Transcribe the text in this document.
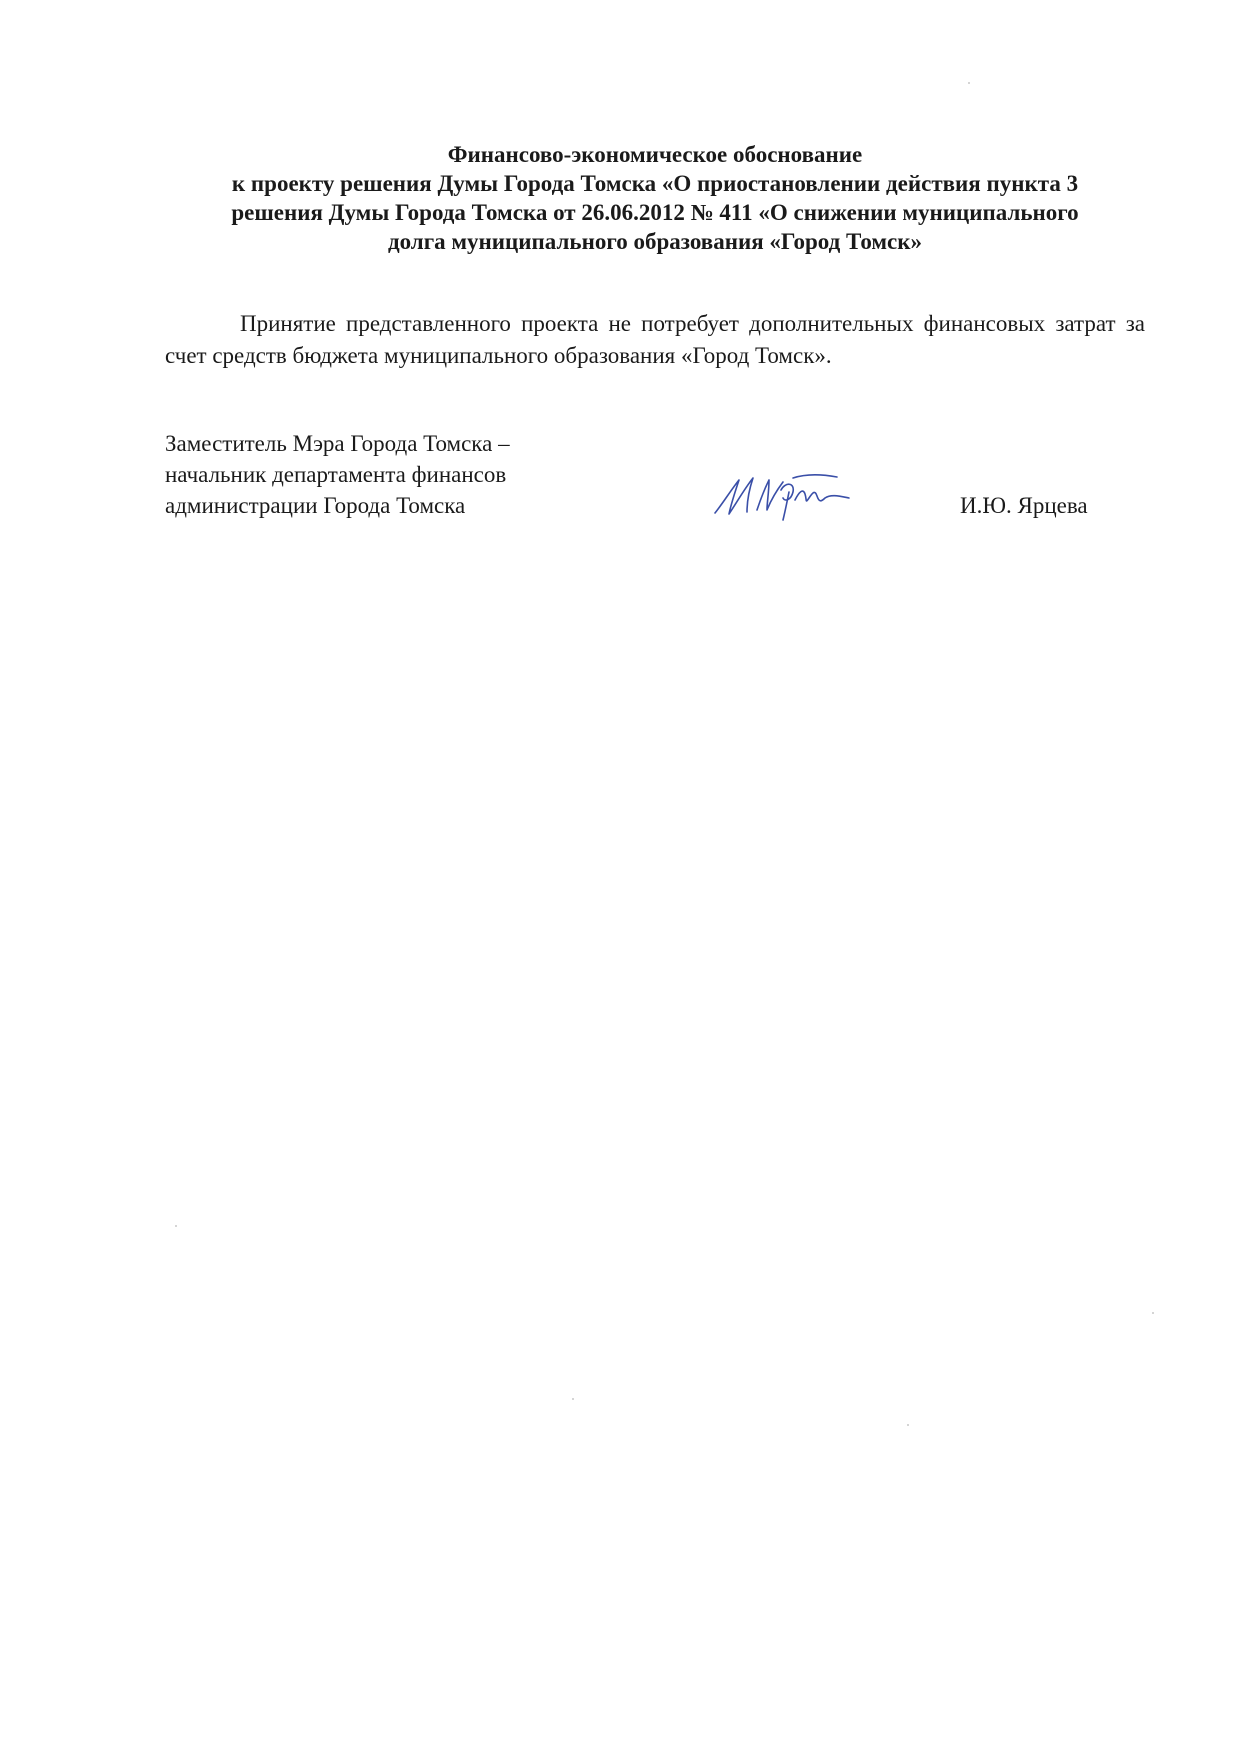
Финансово-экономическое обоснование
к проекту решения Думы Города Томска «О приостановлении действия пункта 3
решения Думы Города Томска от 26.06.2012 № 411 «О снижении муниципального
долга муниципального образования «Город Томск»

Принятие представленного проекта не потребует дополнительных финансовых затрат за счет средств бюджета муниципального образования «Город Томск».

Заместитель Мэра Города Томска –
начальник департамента финансов
администрации Города Томска	И.Ю. Ярцева
